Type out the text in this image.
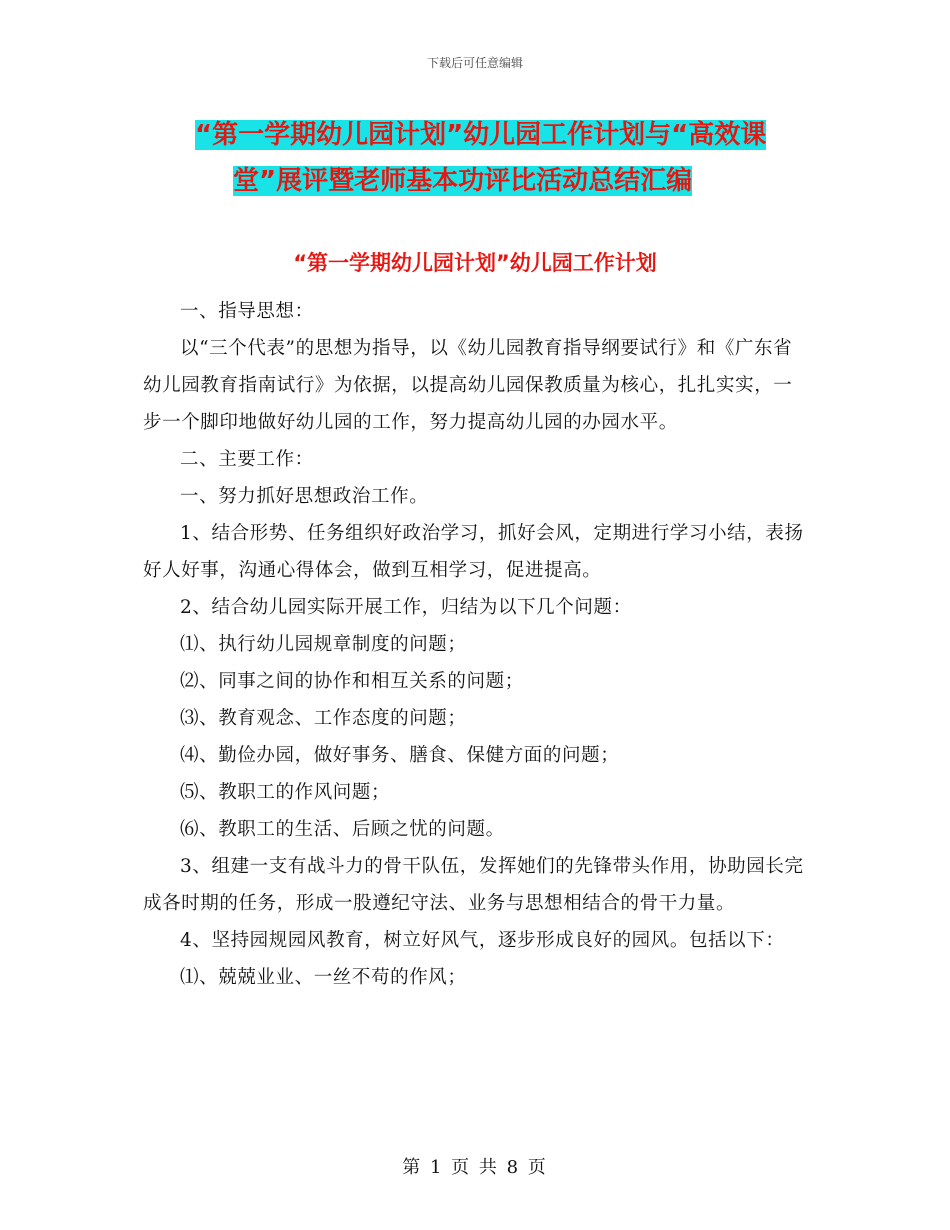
下载后可任意编辑
“第一学期幼儿园计划”幼儿园工作计划与“高效课
堂”展评暨老师基本功评比活动总结汇编
“第一学期幼儿园计划”幼儿园工作计划

一、指导思想：

以“三个代表”的思想为指导，以《幼儿园教育指导纲要试行》和《广东省幼儿园教育指南试行》为依据，以提高幼儿园保教质量为核心，扎扎实实，一步一个脚印地做好幼儿园的工作，努力提高幼儿园的办园水平。

二、主要工作：

一、努力抓好思想政治工作。

1、结合形势、任务组织好政治学习，抓好会风，定期进行学习小结，表扬好人好事，沟通心得体会，做到互相学习，促进提高。

2、结合幼儿园实际开展工作，归结为以下几个问题：

⑴、执行幼儿园规章制度的问题；

⑵、同事之间的协作和相互关系的问题；

⑶、教育观念、工作态度的问题；

⑷、勤俭办园，做好事务、膳食、保健方面的问题；

⑸、教职工的作风问题；

⑹、教职工的生活、后顾之忧的问题。

3、组建一支有战斗力的骨干队伍，发挥她们的先锋带头作用，协助园长完成各时期的任务，形成一股遵纪守法、业务与思想相结合的骨干力量。

4、坚持园规园风教育，树立好风气，逐步形成良好的园风。包括以下：

⑴、兢兢业业、一丝不苟的作风；

第 1 页 共 8 页
